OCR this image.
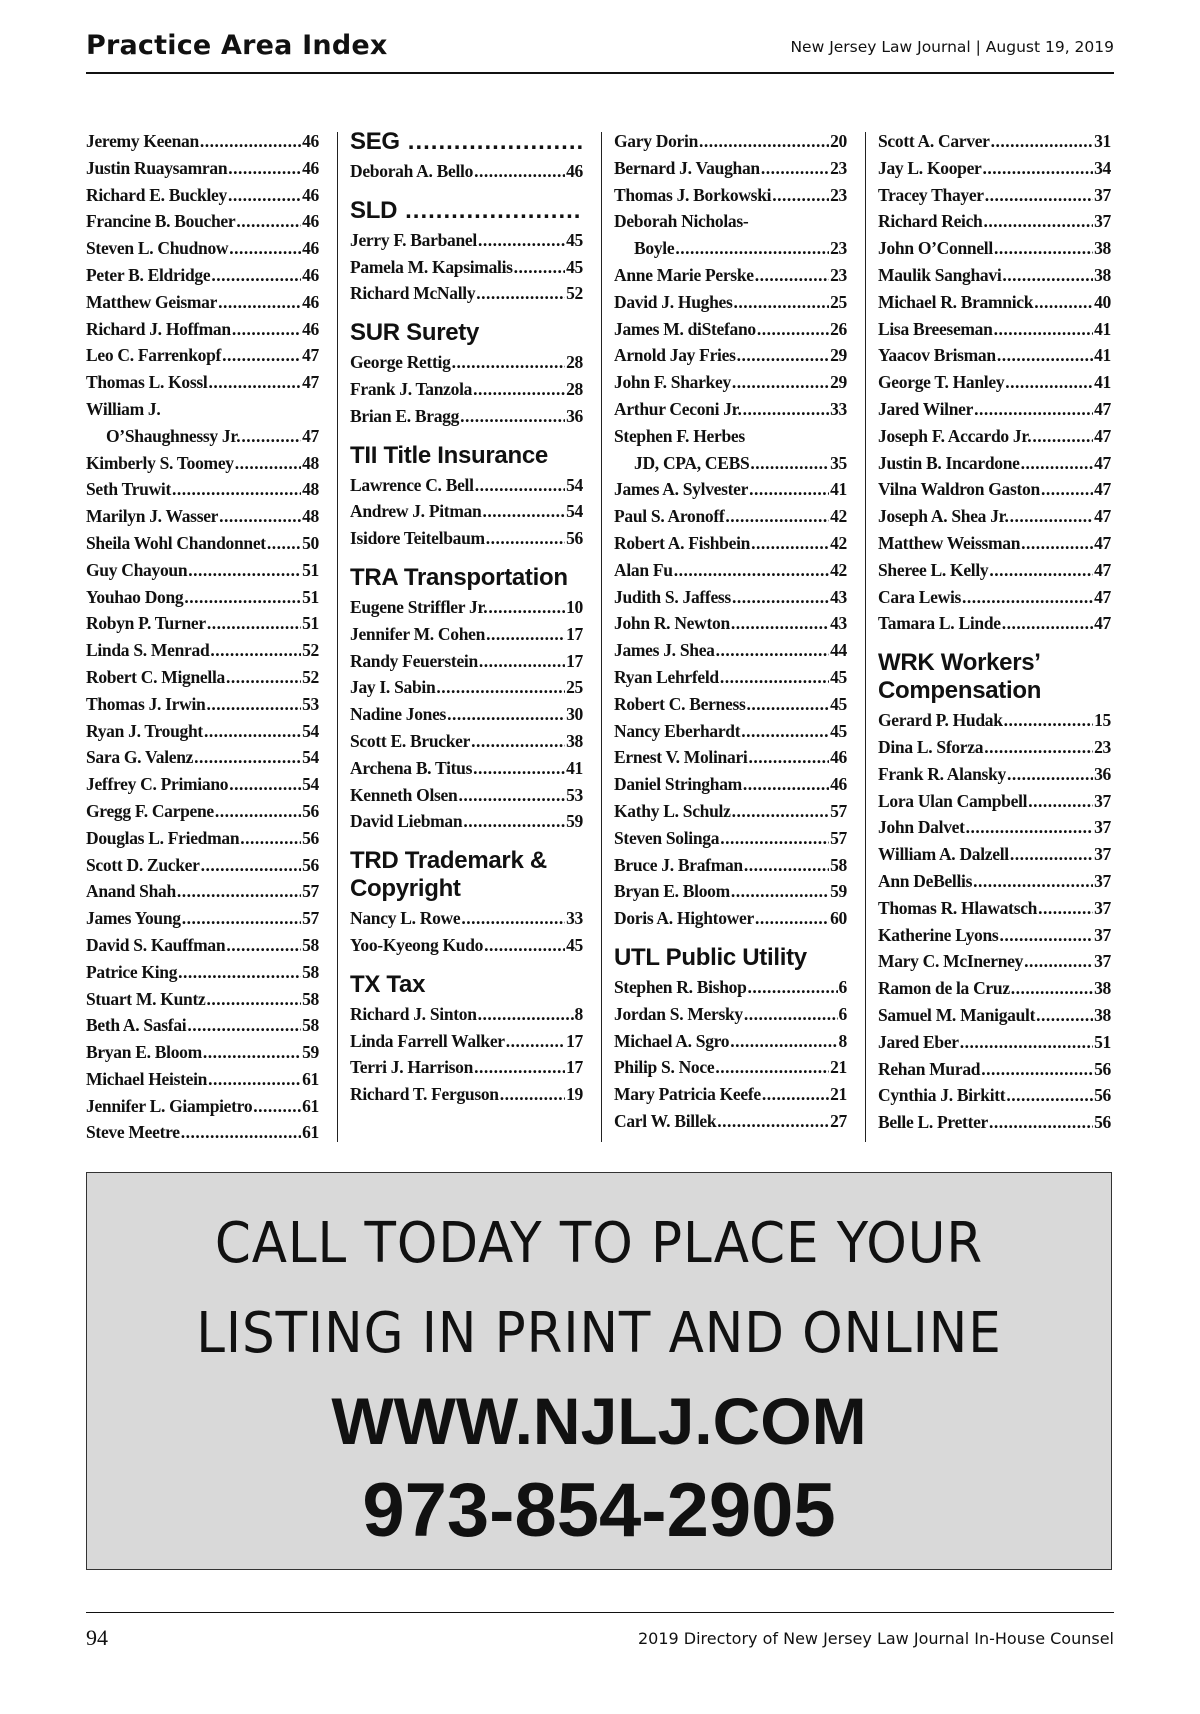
Practice Area Index	New Jersey Law Journal | August 19, 2019
Jeremy Keenan .....	46
Justin Ruaysamran .....	46
Richard E. Buckley .....	46
Francine B. Boucher .....	46
Steven L. Chudnow .....	46
Peter B. Eldridge .....	46
Matthew Geismar .....	46
Richard J. Hoffman .....	46
Leo C. Farrenkopf .....	47
Thomas L. Kossl .....	47
William J.
O’Shaughnessy Jr. .....	47
Kimberly S. Toomey .....	48
Seth Truwit .....	48
Marilyn J. Wasser .....	48
Sheila Wohl Chandonnet ..... 50
Guy Chayoun .....	51
Youhao Dong .....	51
Robyn P. Turner .....	51
Linda S. Menrad .....	52
Robert C. Mignella .....	52
Thomas J. Irwin .....	53
Ryan J. Trought .....	54
Sara G. Valenz .....	54
Jeffrey C. Primiano .....	54
Gregg F. Carpene .....	56
Douglas L. Friedman .....	56
Scott D. Zucker .....	56
Anand Shah .....	57
James Young .....	57
David S. Kauffman .....	58
Patrice King .....	58
Stuart M. Kuntz .....	58
Beth A. Sasfai .....	58
Bryan E. Bloom .....	59
Michael Heistein .....	61
Jennifer L. Giampietro .....	61
Steve Meetre .....	61
SEG
.....
Deborah A. Bello .....	46
SLD
.....
Jerry F. Barbanel .....	45
Pamela M. Kapsimalis .....	45
Richard McNally .....	52
SUR Surety
George Rettig .....	28
Frank J. Tanzola .....	28
Brian E. Bragg .....	36
TII Title Insurance
Lawrence C. Bell .....	54
Andrew J. Pitman .....	54
Isidore Teitelbaum .....	56
TRA Transportation
Eugene Striffler Jr. .....	10
Jennifer M. Cohen .....	17
Randy Feuerstein .....	17
Jay I. Sabin .....	25
Nadine Jones .....	30
Scott E. Brucker .....	38
Archena B. Titus .....	41
Kenneth Olsen .....	53
David Liebman .....	59
TRD Trademark &
Copyright
Nancy L. Rowe .....	33
Yoo-Kyeong Kudo .....	45
TX Tax
Richard J. Sinton .....	8
Linda Farrell Walker .....	17
Terri J. Harrison .....	17
Richard T. Ferguson .....	19
Gary Dorin .....	20
Bernard J. Vaughan .....	23
Thomas J. Borkowski .....	23
Deborah Nicholas-
Boyle .....	23
Anne Marie Perske .....	23
David J. Hughes .....	25
James M. diStefano .....	26
Arnold Jay Fries .....	29
John F. Sharkey .....	29
Arthur Ceconi Jr. .....	33
Stephen F. Herbes
JD, CPA, CEBS .....	35
James A. Sylvester .....	41
Paul S. Aronoff .....	42
Robert A. Fishbein .....	42
Alan Fu .....	42
Judith S. Jaffess .....	43
John R. Newton .....	43
James J. Shea .....	44
Ryan Lehrfeld .....	45
Robert C. Berness .....	45
Nancy Eberhardt .....	45
Ernest V. Molinari .....	46
Daniel Stringham .....	46
Kathy L. Schulz .....	57
Steven Solinga .....	57
Bruce J. Brafman .....	58
Bryan E. Bloom .....	59
Doris A. Hightower .....	60
UTL Public Utility
Stephen R. Bishop .....	6
Jordan S. Mersky .....	6
Michael A. Sgro .....	8
Philip S. Noce .....	21
Mary Patricia Keefe .....	21
Carl W. Billek .....	27
Scott A. Carver .....	31
Jay L. Kooper .....	34
Tracey Thayer .....	37
Richard Reich .....	37
John O’Connell .....	38
Maulik Sanghavi .....	38
Michael R. Bramnick .....	40
Lisa Breeseman .....	41
Yaacov Brisman .....	41
George T. Hanley .....	41
Jared Wilner .....	47
Joseph F. Accardo Jr. .....	47
Justin B. Incardone .....	47
Vilna Waldron Gaston .....	47
Joseph A. Shea Jr. .....	47
Matthew Weissman .....	47
Sheree L. Kelly .....	47
Cara Lewis .....	47
Tamara L. Linde .....	47
WRK Workers’
Compensation
Gerard P. Hudak .....	15
Dina L. Sforza .....	23
Frank R. Alansky .....	36
Lora Ulan Campbell .....	37
John Dalvet .....	37
William A. Dalzell .....	37
Ann DeBellis .....	37
Thomas R. Hlawatsch .....	37
Katherine Lyons .....	37
Mary C. McInerney .....	37
Ramon de la Cruz .....	38
Samuel M. Manigault .....	38
Jared Eber .....	51
Rehan Murad .....	56
Cynthia J. Birkitt .....	56
Belle L. Pretter .....	56
CALL TODAY TO PLACE YOUR
LISTING IN PRINT AND ONLINE
WWW.NJLJ.COM
973-854-2905
94	2019 Directory of New Jersey Law Journal In-House Counsel
